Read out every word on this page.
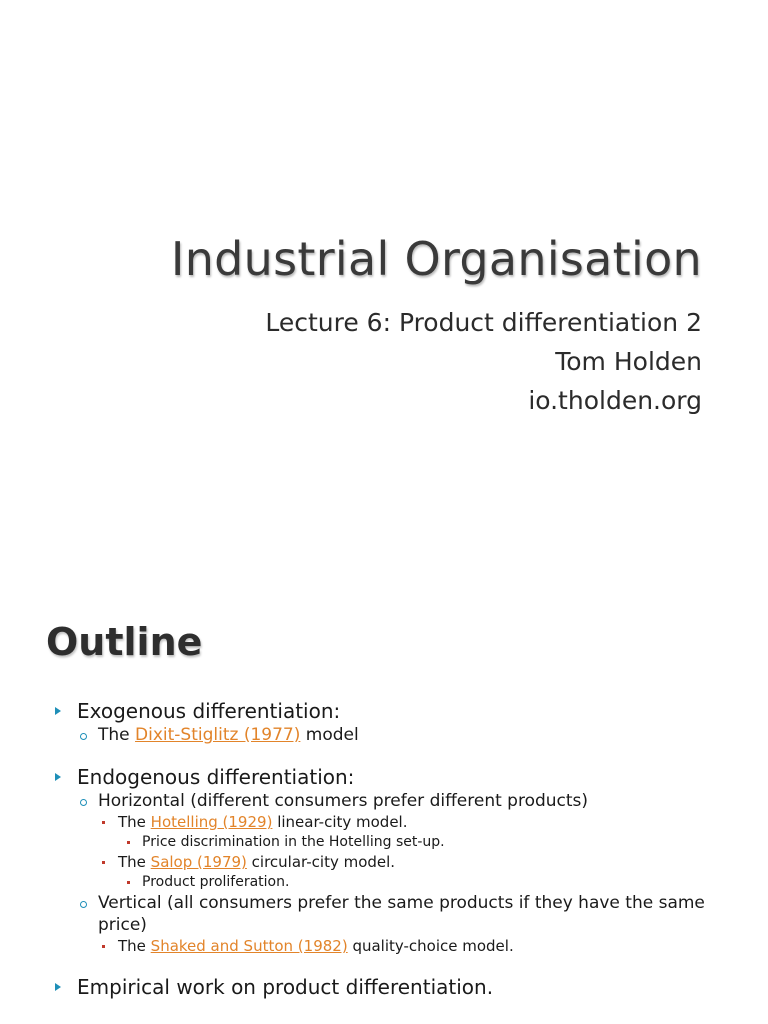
Industrial Organisation
Lecture 6: Product differentiation 2
Tom Holden
io.tholden.org
Outline
Exogenous differentiation:
The Dixit-Stiglitz (1977) model
Endogenous differentiation:
Horizontal (different consumers prefer different products)
The Hotelling (1929) linear-city model.
Price discrimination in the Hotelling set-up.
The Salop (1979) circular-city model.
Product proliferation.
Vertical (all consumers prefer the same products if they have the same price)
The Shaked and Sutton (1982) quality-choice model.
Empirical work on product differentiation.
